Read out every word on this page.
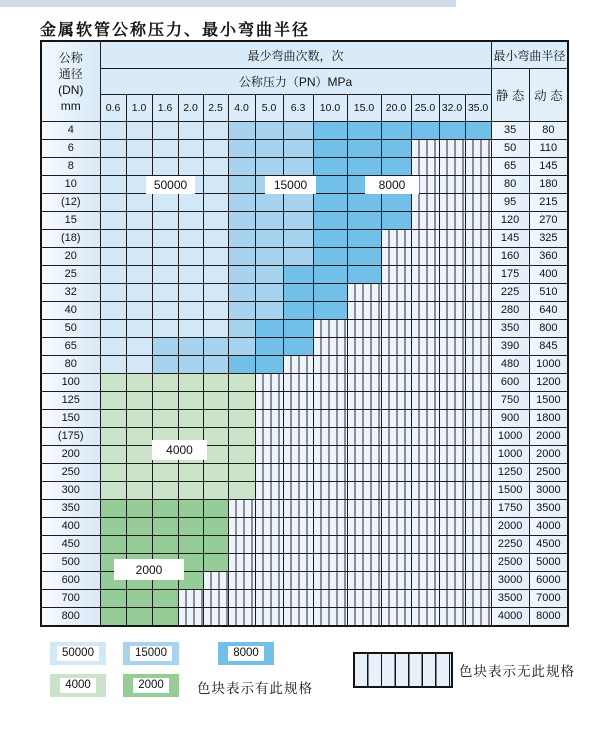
金属软管公称压力、最小弯曲半径
公称
通径
(DN)
mm	最少弯曲次数，次														最小弯曲半径	
	公称压力（PN）MPa														静 态	动 态
	0.6	1.0	1.6	2.0	2.5	4.0	5.0	6.3	10.0	15.0	20.0	25.0	32.0	35.0		
4															35	80
6															50	110
8															65	145
10															80	180
(12)															95	215
15															120	270
(18)															145	325
20															160	360
25															175	400
32															225	510
40															280	640
50															350	800
65															390	845
80															480	1000
100															600	1200
125															750	1500
150															900	1800
(175)															1000	2000
200															1000	2000
250															1250	2500
300															1500	3000
350															1750	3500
400															2000	4000
450															2250	4500
500															2500	5000
600															3000	6000
700															3500	7000
800															4000	8000
50000	15000	8000
4000
2000
色块表示有此规格
色块表示无此规格
50000	15000	8000
4000	2000
